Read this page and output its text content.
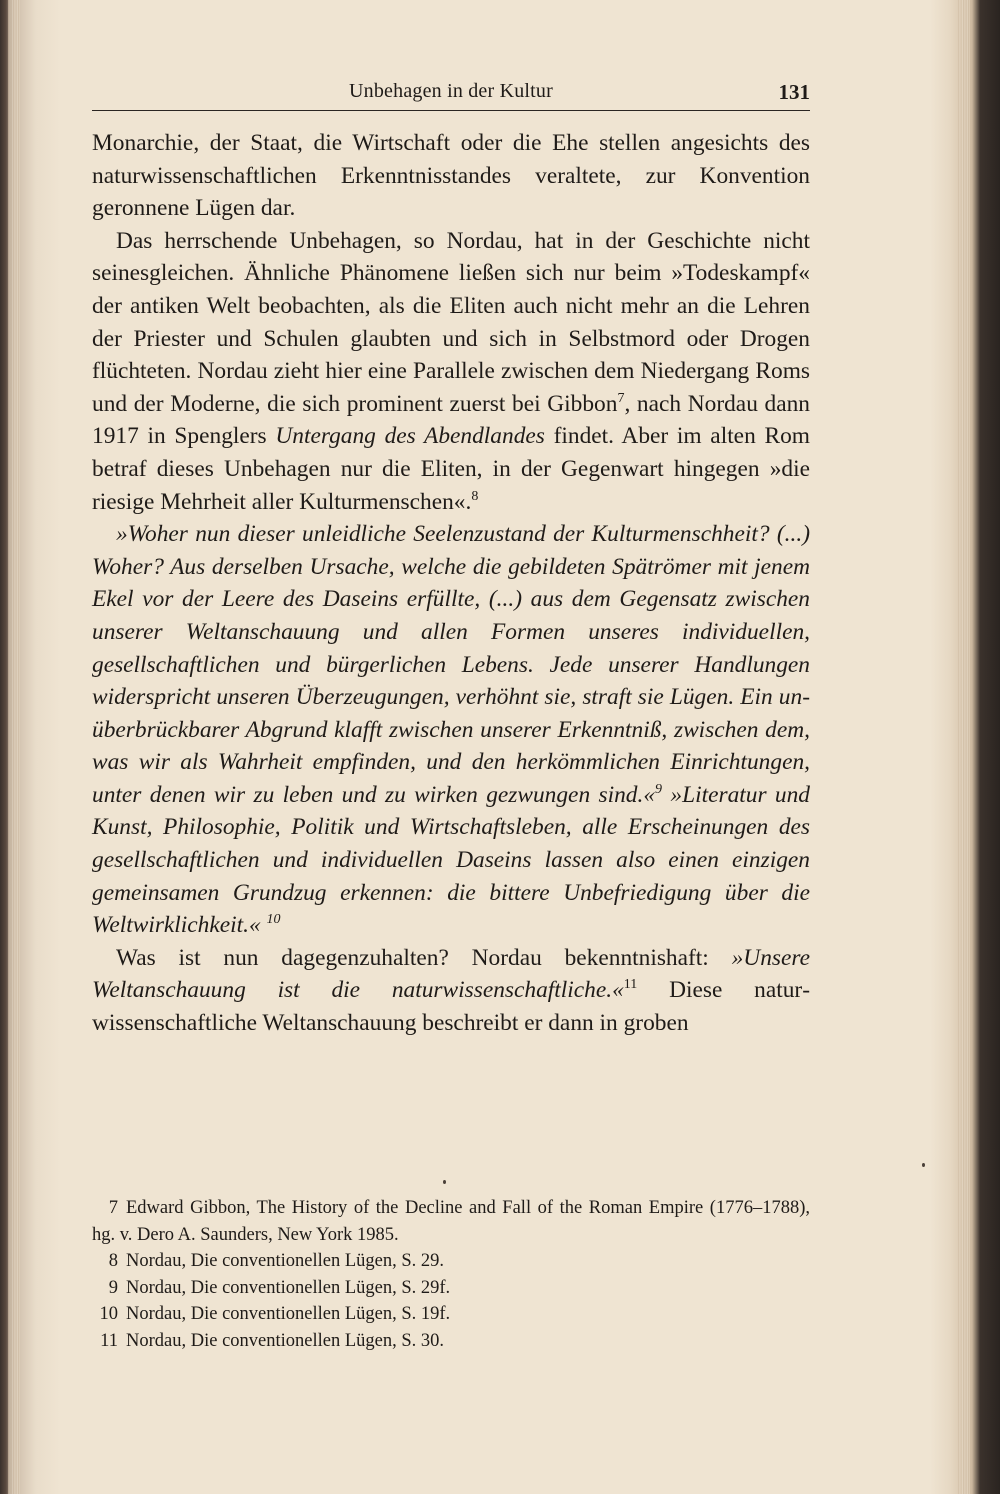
Unbehagen in der Kultur	131

Monarchie, der Staat, die Wirtschaft oder die Ehe stellen angesichts des naturwissenschaftlichen Erkenntnisstandes veraltete, zur Konvention geronnene Lügen dar.

Das herrschende Unbehagen, so Nordau, hat in der Geschichte nicht seinesgleichen. Ähnliche Phänomene ließen sich nur beim »Todeskampf« der antiken Welt beobachten, als die Eliten auch nicht mehr an die Lehren der Priester und Schulen glaubten und sich in Selbstmord oder Drogen flüchteten. Nordau zieht hier eine Parallele zwischen dem Niedergang Roms und der Moderne, die sich prominent zuerst bei Gibbon$^7$, nach Nordau dann 1917 in Spenglers Untergang des Abendlandes findet. Aber im alten Rom betraf dieses Unbehagen nur die Eliten, in der Gegenwart hingegen »die riesige Mehrheit aller Kulturmenschen«.$^8$

»Woher nun dieser unleidliche Seelenzustand der Kulturmenschheit? (...) Woher? Aus derselben Ursache, welche die gebildeten Spätrömer mit jenem Ekel vor der Leere des Daseins erfüllte, (...) aus dem Gegensatz zwischen unserer Weltanschauung und allen Formen unseres individuellen, gesellschaftlichen und bürgerlichen Lebens. Jede unserer Handlungen widerspricht unseren Überzeugungen, verhöhnt sie, straft sie Lügen. Ein unüberbrückbarer Abgrund klafft zwischen unserer Erkenntniß, zwischen dem, was wir als Wahrheit empfinden, und den herkömmlichen Einrichtungen, unter denen wir zu leben und zu wirken gezwungen sind.«$^9$ »Literatur und Kunst, Philosophie, Politik und Wirtschaftsleben, alle Erscheinungen des gesellschaftlichen und individuellen Daseins lassen also einen einzigen gemeinsamen Grundzug erkennen: die bittere Unbefriedigung über die Weltwirklichkeit.« $^{10}$

Was ist nun dagegenzuhalten? Nordau bekenntnishaft: »Unsere Weltanschauung ist die naturwissenschaftliche.«$^{11}$ Diese naturwissenschaftliche Weltanschauung beschreibt er dann in groben

7 Edward Gibbon, The History of the Decline and Fall of the Roman Empire (1776–1788), hg. v. Dero A. Saunders, New York 1985.

8 Nordau, Die conventionellen Lügen, S. 29.

9 Nordau, Die conventionellen Lügen, S. 29f.

10 Nordau, Die conventionellen Lügen, S. 19f.

11 Nordau, Die conventionellen Lügen, S. 30.
